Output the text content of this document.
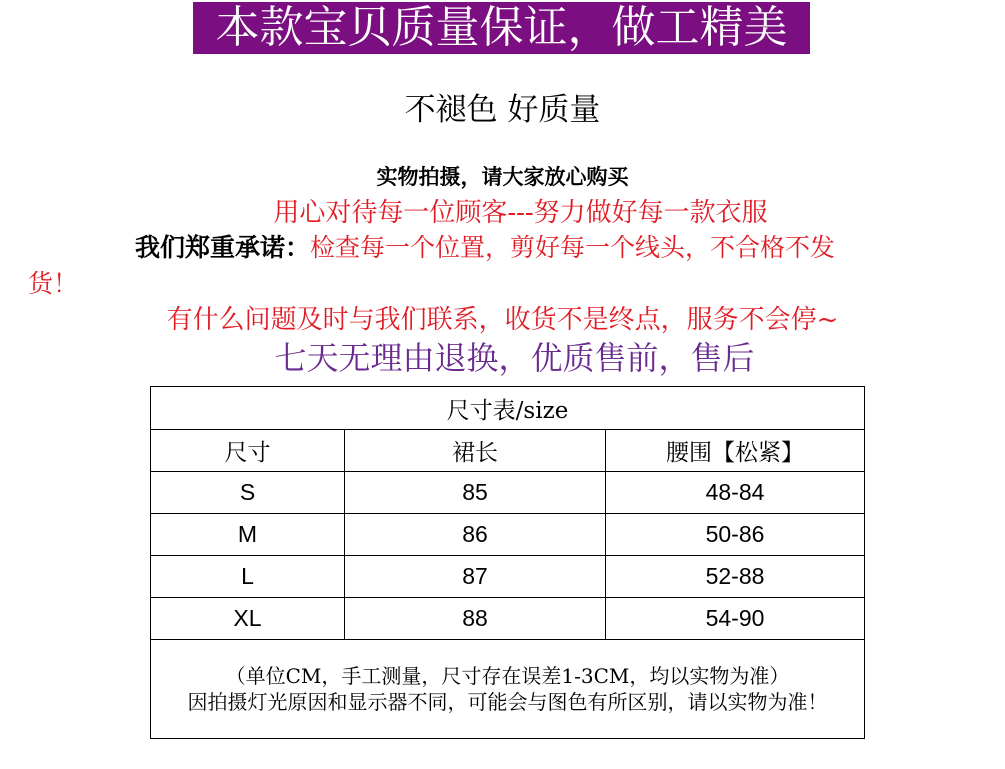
本款宝贝质量保证，做工精美
不褪色 好质量
实物拍摄，请大家放心购买
用心对待每一位顾客---努力做好每一款衣服
我们郑重承诺：检查每一个位置，剪好每一个线头，不合格不发
货！
有什么问题及时与我们联系，收货不是终点，服务不会停~
七天无理由退换，优质售前，售后
尺寸表/size		
尺寸	裙长	腰围【松紧】
S	85	48-84
M	86	50-86
L	87	52-88
XL	88	54-90

（单位CM，手工测量，尺寸存在误差1-3CM，均以实物为准）
因拍摄灯光原因和显示器不同，可能会与图色有所区别，请以实物为准！		
